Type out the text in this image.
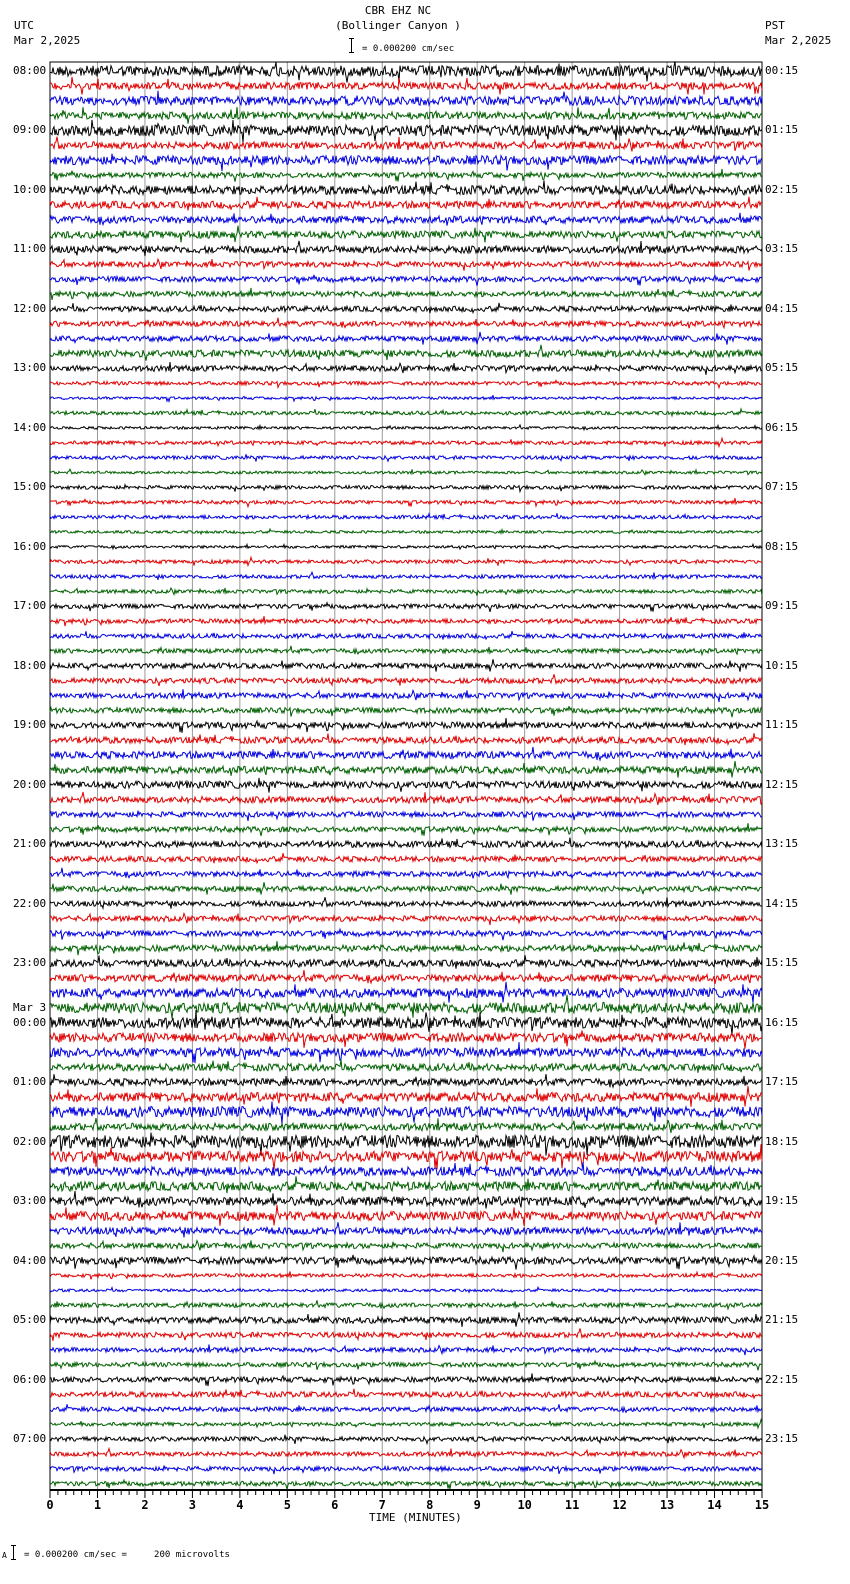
CBR EHZ NC
(Bollinger Canyon )
UTC
Mar 2,2025
PST
Mar 2,2025
= 0.000200 cm/sec
0	1	2	3	4	5	6	7	8	9	10	11	12	13	14	15
TIME (MINUTES)
A = 0.000200 cm/sec =     200 microvolts
08:00
09:00
10:00
11:00
12:00
13:00
14:00
15:00
16:00
17:00
18:00
19:00
20:00
21:00
22:00
23:00
00:00
01:00
02:00
03:00
04:00
05:00
06:00
07:00
00:15
01:15
02:15
03:15
04:15
05:15
06:15
07:15
08:15
09:15
10:15
11:15
12:15
13:15
14:15
15:15
16:15
17:15
18:15
19:15
20:15
21:15
22:15
23:15
Mar 3
